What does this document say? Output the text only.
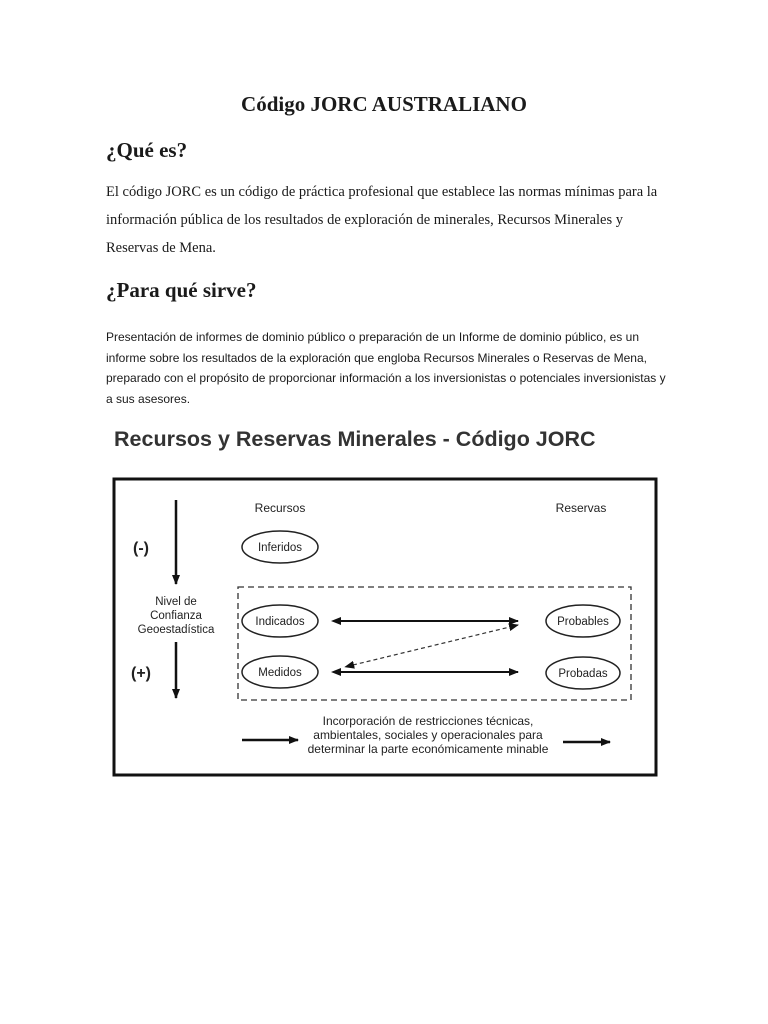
Código JORC AUSTRALIANO
¿Qué es?
El código JORC es un código de práctica profesional que establece las normas mínimas para la información pública de los resultados de exploración de minerales, Recursos Minerales y Reservas de Mena.
¿Para qué sirve?
Presentación de informes de dominio público o preparación de un Informe de dominio público, es un informe sobre los resultados de la exploración que engloba Recursos Minerales o Reservas de Mena, preparado con el propósito de proporcionar información a los inversionistas o potenciales inversionistas y a sus asesores.
Recursos y Reservas Minerales - Código JORC
Recursos	Reservas
(-)
Nivel de
Confianza
Geoestadística
(+)
Inferidos
Indicados
Medidos
Probables
Probadas
Incorporación de restricciones técnicas,
ambientales, sociales y operacionales para
determinar la parte económicamente minable
